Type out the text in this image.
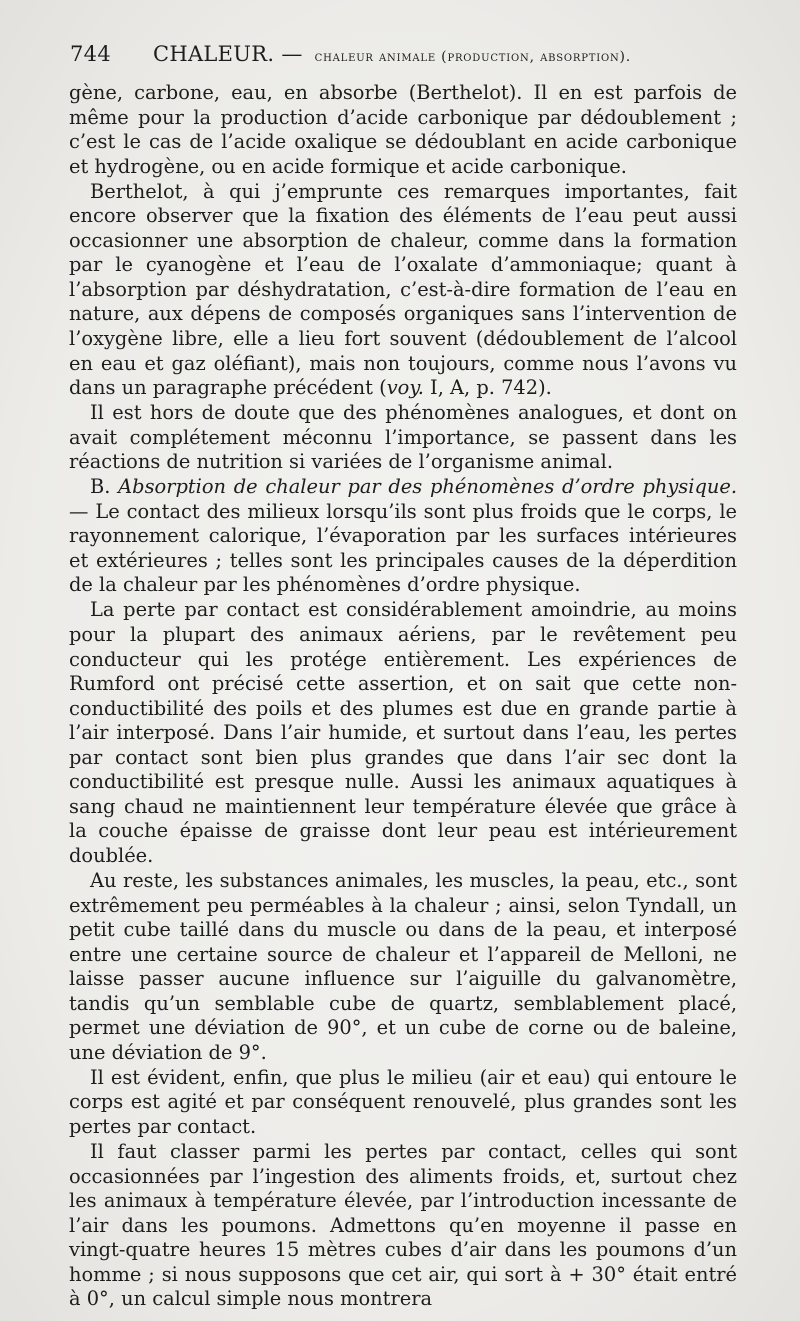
744 CHALEUR. — chaleur animale (production, absorption).

gène, carbone, eau, en absorbe (Berthelot). Il en est parfois de même pour la production d’acide carbonique par dédoublement ; c’est le cas de l’acide oxalique se dédoublant en acide carbonique et hydrogène, ou en acide formique et acide carbonique.

Berthelot, à qui j’emprunte ces remarques importantes, fait encore observer que la fixation des éléments de l’eau peut aussi occasionner une absorption de chaleur, comme dans la formation par le cyanogène et l’eau de l’oxalate d’ammoniaque; quant à l’absorption par déshydratation, c’est-à-dire formation de l’eau en nature, aux dépens de composés organiques sans l’intervention de l’oxygène libre, elle a lieu fort souvent (dédoublement de l’alcool en eau et gaz oléfiant), mais non toujours, comme nous l’avons vu dans un paragraphe précédent (voy. I, A, p. 742).

Il est hors de doute que des phénomènes analogues, et dont on avait complétement méconnu l’importance, se passent dans les réactions de nutrition si variées de l’organisme animal.

B. Absorption de chaleur par des phénomènes d’ordre physique. — Le contact des milieux lorsqu’ils sont plus froids que le corps, le rayonnement calorique, l’évaporation par les surfaces intérieures et extérieures ; telles sont les principales causes de la déperdition de la chaleur par les phénomènes d’ordre physique.

La perte par contact est considérablement amoindrie, au moins pour la plupart des animaux aériens, par le revêtement peu conducteur qui les protége entièrement. Les expériences de Rumford ont précisé cette assertion, et on sait que cette non-conductibilité des poils et des plumes est due en grande partie à l’air interposé. Dans l’air humide, et surtout dans l’eau, les pertes par contact sont bien plus grandes que dans l’air sec dont la conductibilité est presque nulle. Aussi les animaux aquatiques à sang chaud ne maintiennent leur température élevée que grâce à la couche épaisse de graisse dont leur peau est intérieurement doublée.

Au reste, les substances animales, les muscles, la peau, etc., sont extrêmement peu perméables à la chaleur ; ainsi, selon Tyndall, un petit cube taillé dans du muscle ou dans de la peau, et interposé entre une certaine source de chaleur et l’appareil de Melloni, ne laisse passer aucune influence sur l’aiguille du galvanomètre, tandis qu’un semblable cube de quartz, semblablement placé, permet une déviation de 90°, et un cube de corne ou de baleine, une déviation de 9°.

Il est évident, enfin, que plus le milieu (air et eau) qui entoure le corps est agité et par conséquent renouvelé, plus grandes sont les pertes par contact.

Il faut classer parmi les pertes par contact, celles qui sont occasionnées par l’ingestion des aliments froids, et, surtout chez les animaux à température élevée, par l’introduction incessante de l’air dans les poumons. Admettons qu’en moyenne il passe en vingt-quatre heures 15 mètres cubes d’air dans les poumons d’un homme ; si nous supposons que cet air, qui sort à + 30° était entré à 0°, un calcul simple nous montrera
